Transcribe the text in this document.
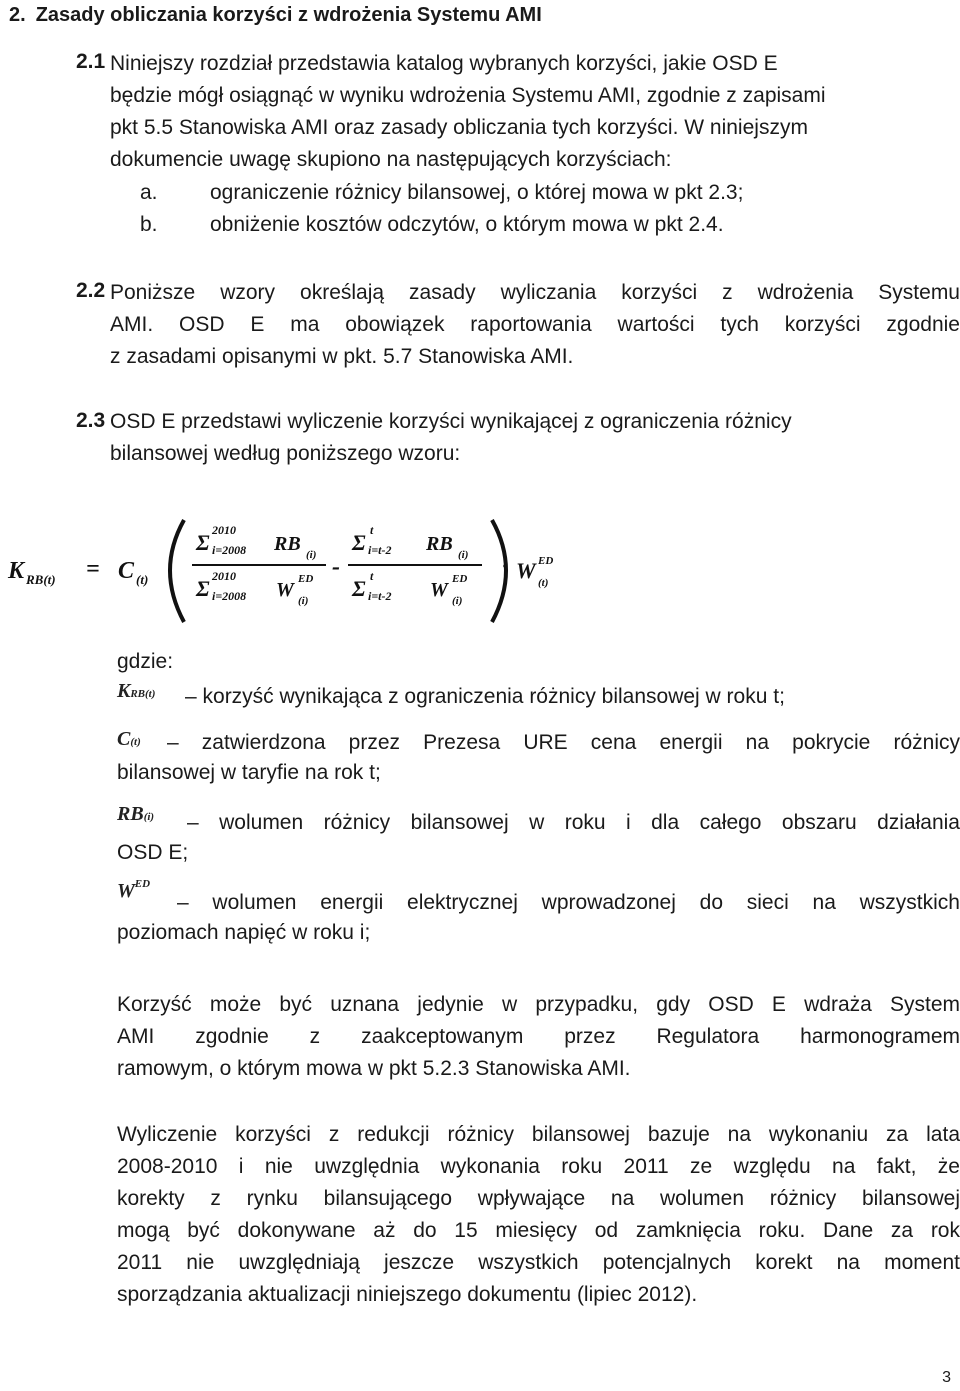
2. Zasady obliczania korzyści z wdrożenia Systemu AMI
2.1 Niniejszy rozdział przedstawia katalog wybranych korzyści, jakie OSD E
będzie mógł osiągnąć w wyniku wdrożenia Systemu AMI, zgodnie z zapisami
pkt 5.5 Stanowiska AMI oraz zasady obliczania tych korzyści. W niniejszym
dokumencie uwagę skupiono na następujących korzyściach:
a. ograniczenie różnicy bilansowej, o której mowa w pkt 2.3;
b. obniżenie kosztów odczytów, o którym mowa w pkt 2.4.
2.2 Poniższe wzory określają zasady wyliczania korzyści z wdrożenia Systemu
AMI. OSD E ma obowiązek raportowania wartości tych korzyści zgodnie
z zasadami opisanymi w pkt. 5.7 Stanowiska AMI.
2.3 OSD E przedstawi wyliczenie korzyści wynikającej z ograniczenia różnicy
bilansowej według poniższego wzoru:
K RB(t) = C (t)
Σ 2010
i=2008 RB (i)
Σ 2010
i=2008 W ED
(i)
-
Σ t
i=t-2 RB (i)
Σ t
i=t-2 W ED
(i)
· W ED
(t)
gdzie:
KRB(t) – korzyść wynikająca z ograniczenia różnicy bilansowej w roku t;
C(t)	– zatwierdzona przez Prezesa URE cena energii na pokrycie różnicy
bilansowej w taryfie na rok t;
RB(i)	– wolumen różnicy bilansowej w roku i dla całego obszaru działania
OSD E;
$W^{ED}$
– wolumen energii elektrycznej wprowadzonej do sieci na wszystkich
poziomach napięć w roku i;
Korzyść może być uznana jedynie w przypadku, gdy OSD E wdraża System
AMI zgodnie z zaakceptowanym przez Regulatora harmonogramem
ramowym, o którym mowa w pkt 5.2.3 Stanowiska AMI.
Wyliczenie korzyści z redukcji różnicy bilansowej bazuje na wykonaniu za lata
2008-2010 i nie uwzględnia wykonania roku 2011 ze względu na fakt, że
korekty z rynku bilansującego wpływające na wolumen różnicy bilansowej
mogą być dokonywane aż do 15 miesięcy od zamknięcia roku. Dane za rok
2011 nie uwzględniają jeszcze wszystkich potencjalnych korekt na moment
sporządzania aktualizacji niniejszego dokumentu (lipiec 2012).
3
